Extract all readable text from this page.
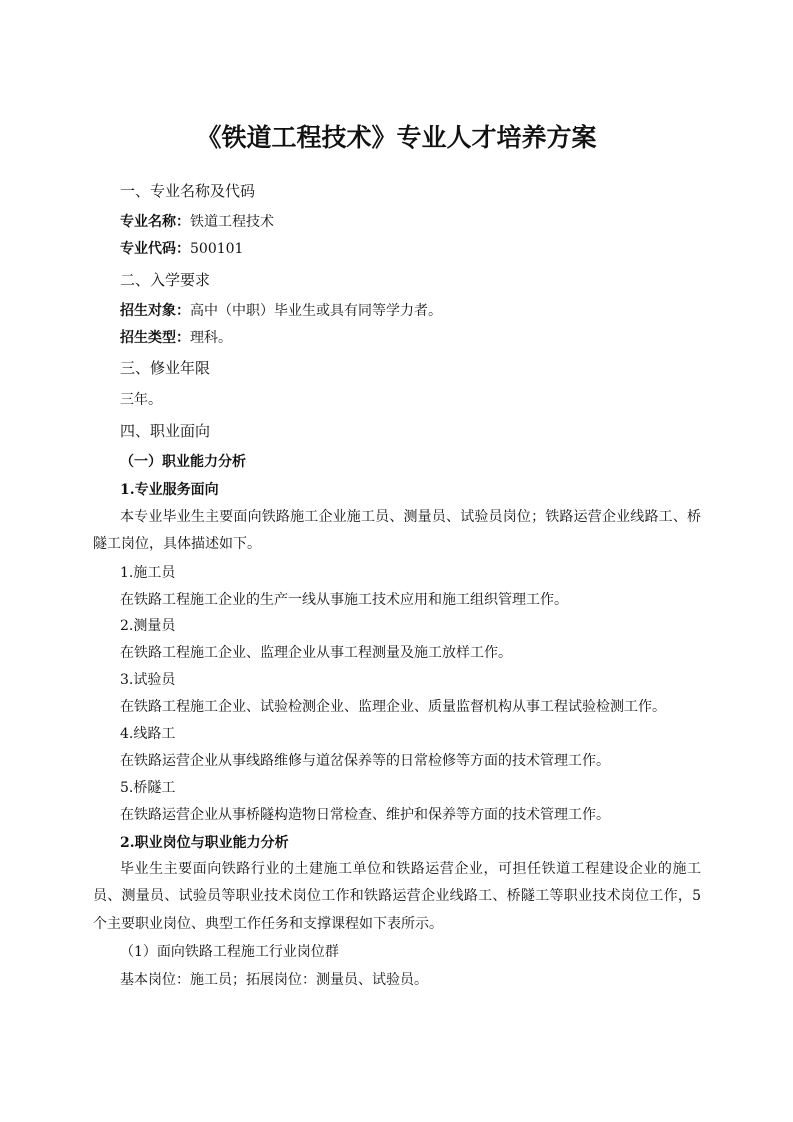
《铁道工程技术》专业人才培养方案
一、专业名称及代码
专业名称：铁道工程技术
专业代码：500101
二、入学要求
招生对象：高中（中职）毕业生或具有同等学力者。
招生类型：理科。
三、修业年限
三年。
四、职业面向
（一）职业能力分析
1.专业服务面向
本专业毕业生主要面向铁路施工企业施工员、测量员、试验员岗位；铁路运营企业线路工、桥隧工岗位，具体描述如下。
1.施工员
在铁路工程施工企业的生产一线从事施工技术应用和施工组织管理工作。
2.测量员
在铁路工程施工企业、监理企业从事工程测量及施工放样工作。
3.试验员
在铁路工程施工企业、试验检测企业、监理企业、质量监督机构从事工程试验检测工作。
4.线路工
在铁路运营企业从事线路维修与道岔保养等的日常检修等方面的技术管理工作。
5.桥隧工
在铁路运营企业从事桥隧构造物日常检查、维护和保养等方面的技术管理工作。
2.职业岗位与职业能力分析
毕业生主要面向铁路行业的土建施工单位和铁路运营企业，可担任铁道工程建设企业的施工员、测量员、试验员等职业技术岗位工作和铁路运营企业线路工、桥隧工等职业技术岗位工作，5 个主要职业岗位、典型工作任务和支撑课程如下表所示。
（1）面向铁路工程施工行业岗位群
基本岗位：施工员；拓展岗位：测量员、试验员。
